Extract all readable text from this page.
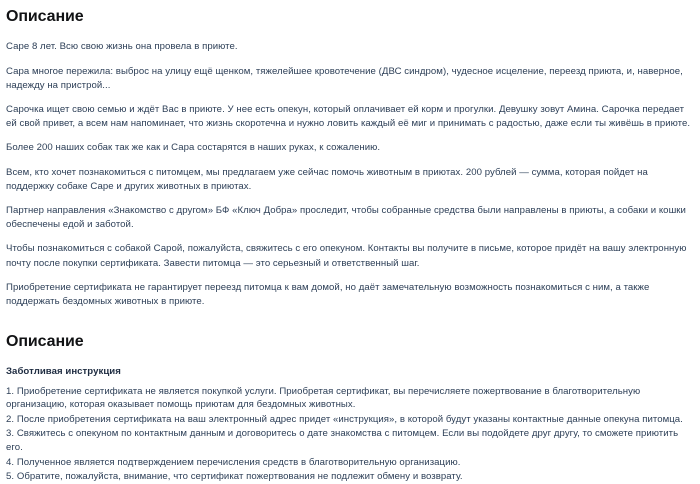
Описание

Саре 8 лет. Всю свою жизнь она провела в приюте.

Сара многое пережила: выброс на улицу ещё щенком, тяжелейшее кровотечение (ДВС синдром), чудесное исцеление, переезд приюта, и, наверное, надежду на пристрой...

Сарочка ищет свою семью и ждёт Вас в приюте. У нее есть опекун, который оплачивает ей корм и прогулки. Девушку зовут Амина. Сарочка передает ей свой привет, а всем нам напоминает, что жизнь скоротечна и нужно ловить каждый её миг и принимать с радостью, даже если ты живёшь в приюте.

Более 200 наших собак так же как и Сара состарятся в наших руках, к сожалению.

Всем, кто хочет познакомиться с питомцем, мы предлагаем уже сейчас помочь животным в приютах. 200 рублей — сумма, которая пойдет на поддержку собаке Саре и других животных в приютах.

Партнер направления «Знакомство с другом» БФ «Ключ Добра» проследит, чтобы собранные средства были направлены в приюты, а собаки и кошки обеспечены едой и заботой.

Чтобы познакомиться с собакой Сарой, пожалуйста, свяжитесь с его опекуном. Контакты вы получите в письме, которое придёт на вашу электронную почту после покупки сертификата. Завести питомца — это серьезный и ответственный шаг.

Приобретение сертификата не гарантирует переезд питомца к вам домой, но даёт замечательную возможность познакомиться с ним, а также поддержать бездомных животных в приюте.

Описание
Заботливая инструкция
1. Приобретение сертификата не является покупкой услуги. Приобретая сертификат, вы перечисляете пожертвование в благотворительную организацию, которая оказывает помощь приютам для бездомных животных.
2. После приобретения сертификата на ваш электронный адрес придет «инструкция», в которой будут указаны контактные данные опекуна питомца.
3. Свяжитесь с опекуном по контактным данным и договоритесь о дате знакомства с питомцем. Если вы подойдете друг другу, то сможете приютить его.
4. Полученное является подтверждением перечисления средств в благотворительную организацию.
5. Обратите, пожалуйста, внимание, что сертификат пожертвования не подлежит обмену и возврату.
